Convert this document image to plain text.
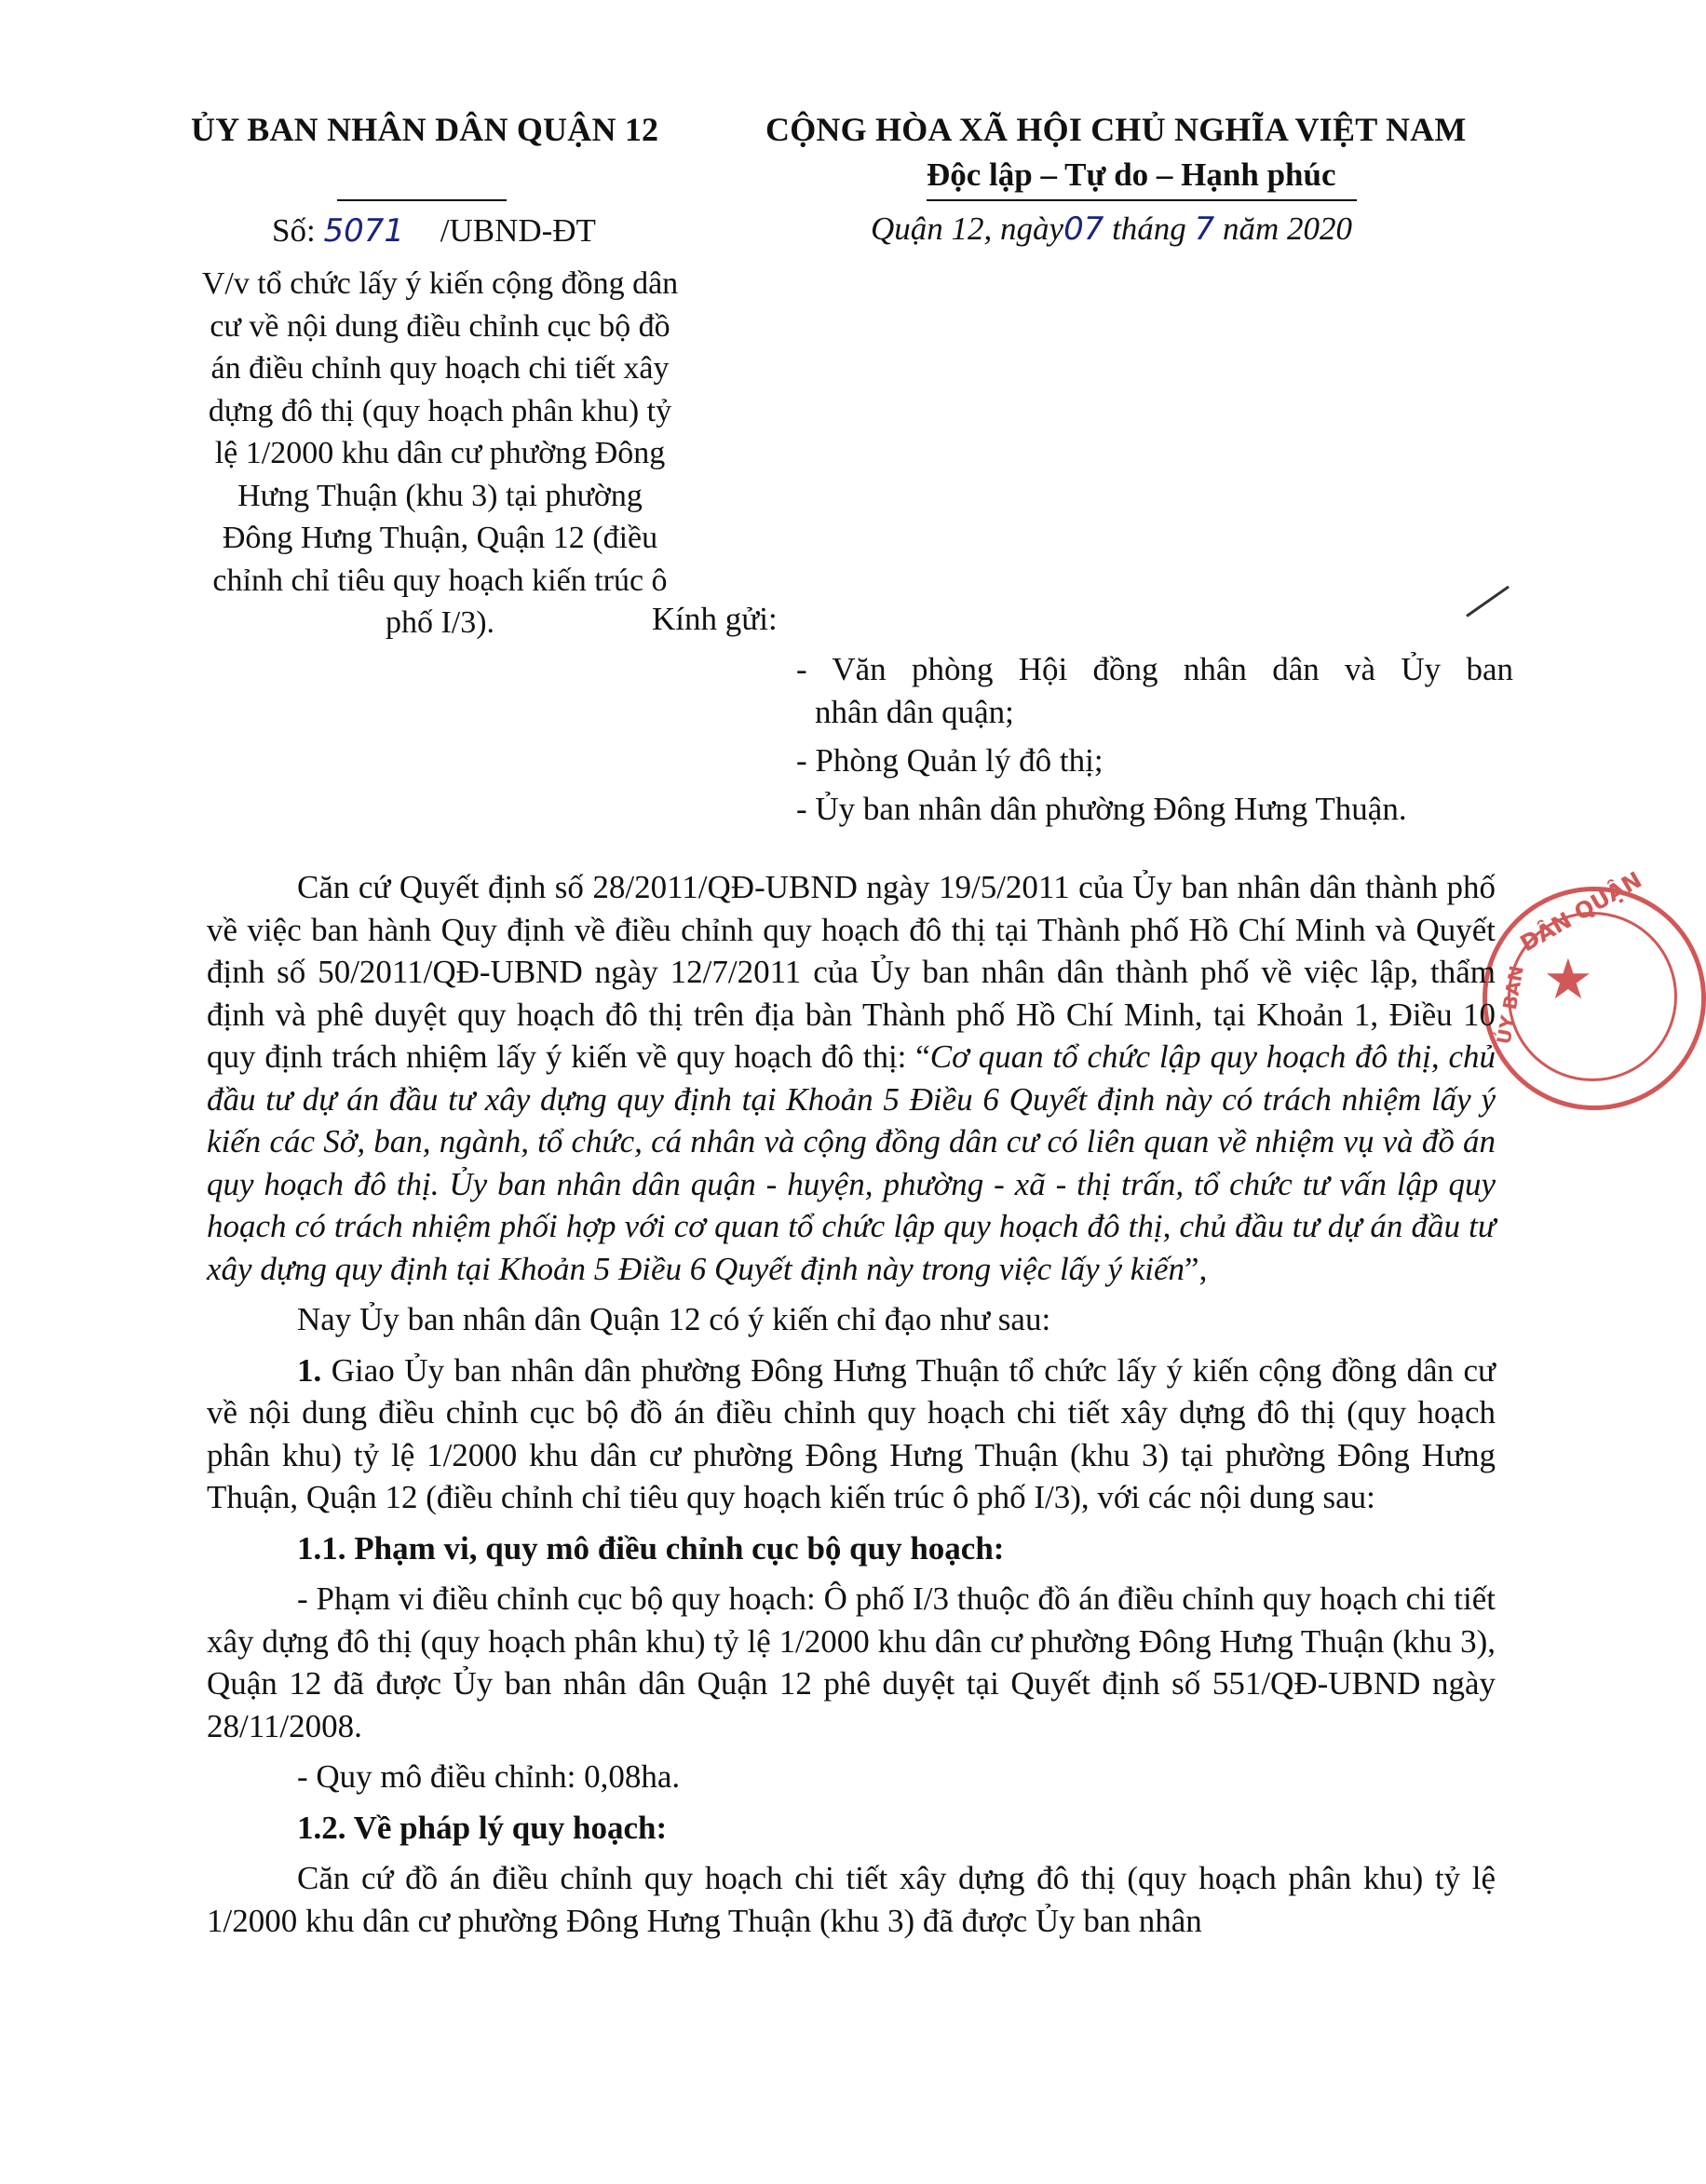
ỦY BAN NHÂN DÂN QUẬN 12	CỘNG HÒA XÃ HỘI CHỦ NGHĨA VIỆT NAM
Độc lập – Tự do – Hạnh phúc
Số: 5071 /UBND-ĐT	Quận 12, ngày07 tháng 7 năm 2020
V/v tổ chức lấy ý kiến cộng đồng dân cư về nội dung điều chỉnh cục bộ đồ án điều chỉnh quy hoạch chi tiết xây dựng đô thị (quy hoạch phân khu) tỷ lệ 1/2000 khu dân cư phường Đông Hưng Thuận (khu 3) tại phường Đông Hưng Thuận, Quận 12 (điều chỉnh chỉ tiêu quy hoạch kiến trúc ô phố I/3).	Kính gửi:
- Văn phòng Hội đồng nhân dân và Ủy ban
nhân dân quận;
- Phòng Quản lý đô thị;
- Ủy ban nhân dân phường Đông Hưng Thuận.
★
DÂN QUẬN
ỦY BAN

Căn cứ Quyết định số 28/2011/QĐ-UBND ngày 19/5/2011 của Ủy ban nhân dân thành phố về việc ban hành Quy định về điều chỉnh quy hoạch đô thị tại Thành phố Hồ Chí Minh và Quyết định số 50/2011/QĐ-UBND ngày 12/7/2011 của Ủy ban nhân dân thành phố về việc lập, thẩm định và phê duyệt quy hoạch đô thị trên địa bàn Thành phố Hồ Chí Minh, tại Khoản 1, Điều 10 quy định trách nhiệm lấy ý kiến về quy hoạch đô thị: “Cơ quan tổ chức lập quy hoạch đô thị, chủ đầu tư dự án đầu tư xây dựng quy định tại Khoản 5 Điều 6 Quyết định này có trách nhiệm lấy ý kiến các Sở, ban, ngành, tổ chức, cá nhân và cộng đồng dân cư có liên quan về nhiệm vụ và đồ án quy hoạch đô thị. Ủy ban nhân dân quận - huyện, phường - xã - thị trấn, tổ chức tư vấn lập quy hoạch có trách nhiệm phối hợp với cơ quan tổ chức lập quy hoạch đô thị, chủ đầu tư dự án đầu tư xây dựng quy định tại Khoản 5 Điều 6 Quyết định này trong việc lấy ý kiến”,

Nay Ủy ban nhân dân Quận 12 có ý kiến chỉ đạo như sau:

1. Giao Ủy ban nhân dân phường Đông Hưng Thuận tổ chức lấy ý kiến cộng đồng dân cư về nội dung điều chỉnh cục bộ đồ án điều chỉnh quy hoạch chi tiết xây dựng đô thị (quy hoạch phân khu) tỷ lệ 1/2000 khu dân cư phường Đông Hưng Thuận (khu 3) tại phường Đông Hưng Thuận, Quận 12 (điều chỉnh chỉ tiêu quy hoạch kiến trúc ô phố I/3), với các nội dung sau:

1.1. Phạm vi, quy mô điều chỉnh cục bộ quy hoạch:

- Phạm vi điều chỉnh cục bộ quy hoạch: Ô phố I/3 thuộc đồ án điều chỉnh quy hoạch chi tiết xây dựng đô thị (quy hoạch phân khu) tỷ lệ 1/2000 khu dân cư phường Đông Hưng Thuận (khu 3), Quận 12 đã được Ủy ban nhân dân Quận 12 phê duyệt tại Quyết định số 551/QĐ-UBND ngày 28/11/2008.

- Quy mô điều chỉnh: 0,08ha.

1.2. Về pháp lý quy hoạch:

Căn cứ đồ án điều chỉnh quy hoạch chi tiết xây dựng đô thị (quy hoạch phân khu) tỷ lệ 1/2000 khu dân cư phường Đông Hưng Thuận (khu 3) đã được Ủy ban nhân
